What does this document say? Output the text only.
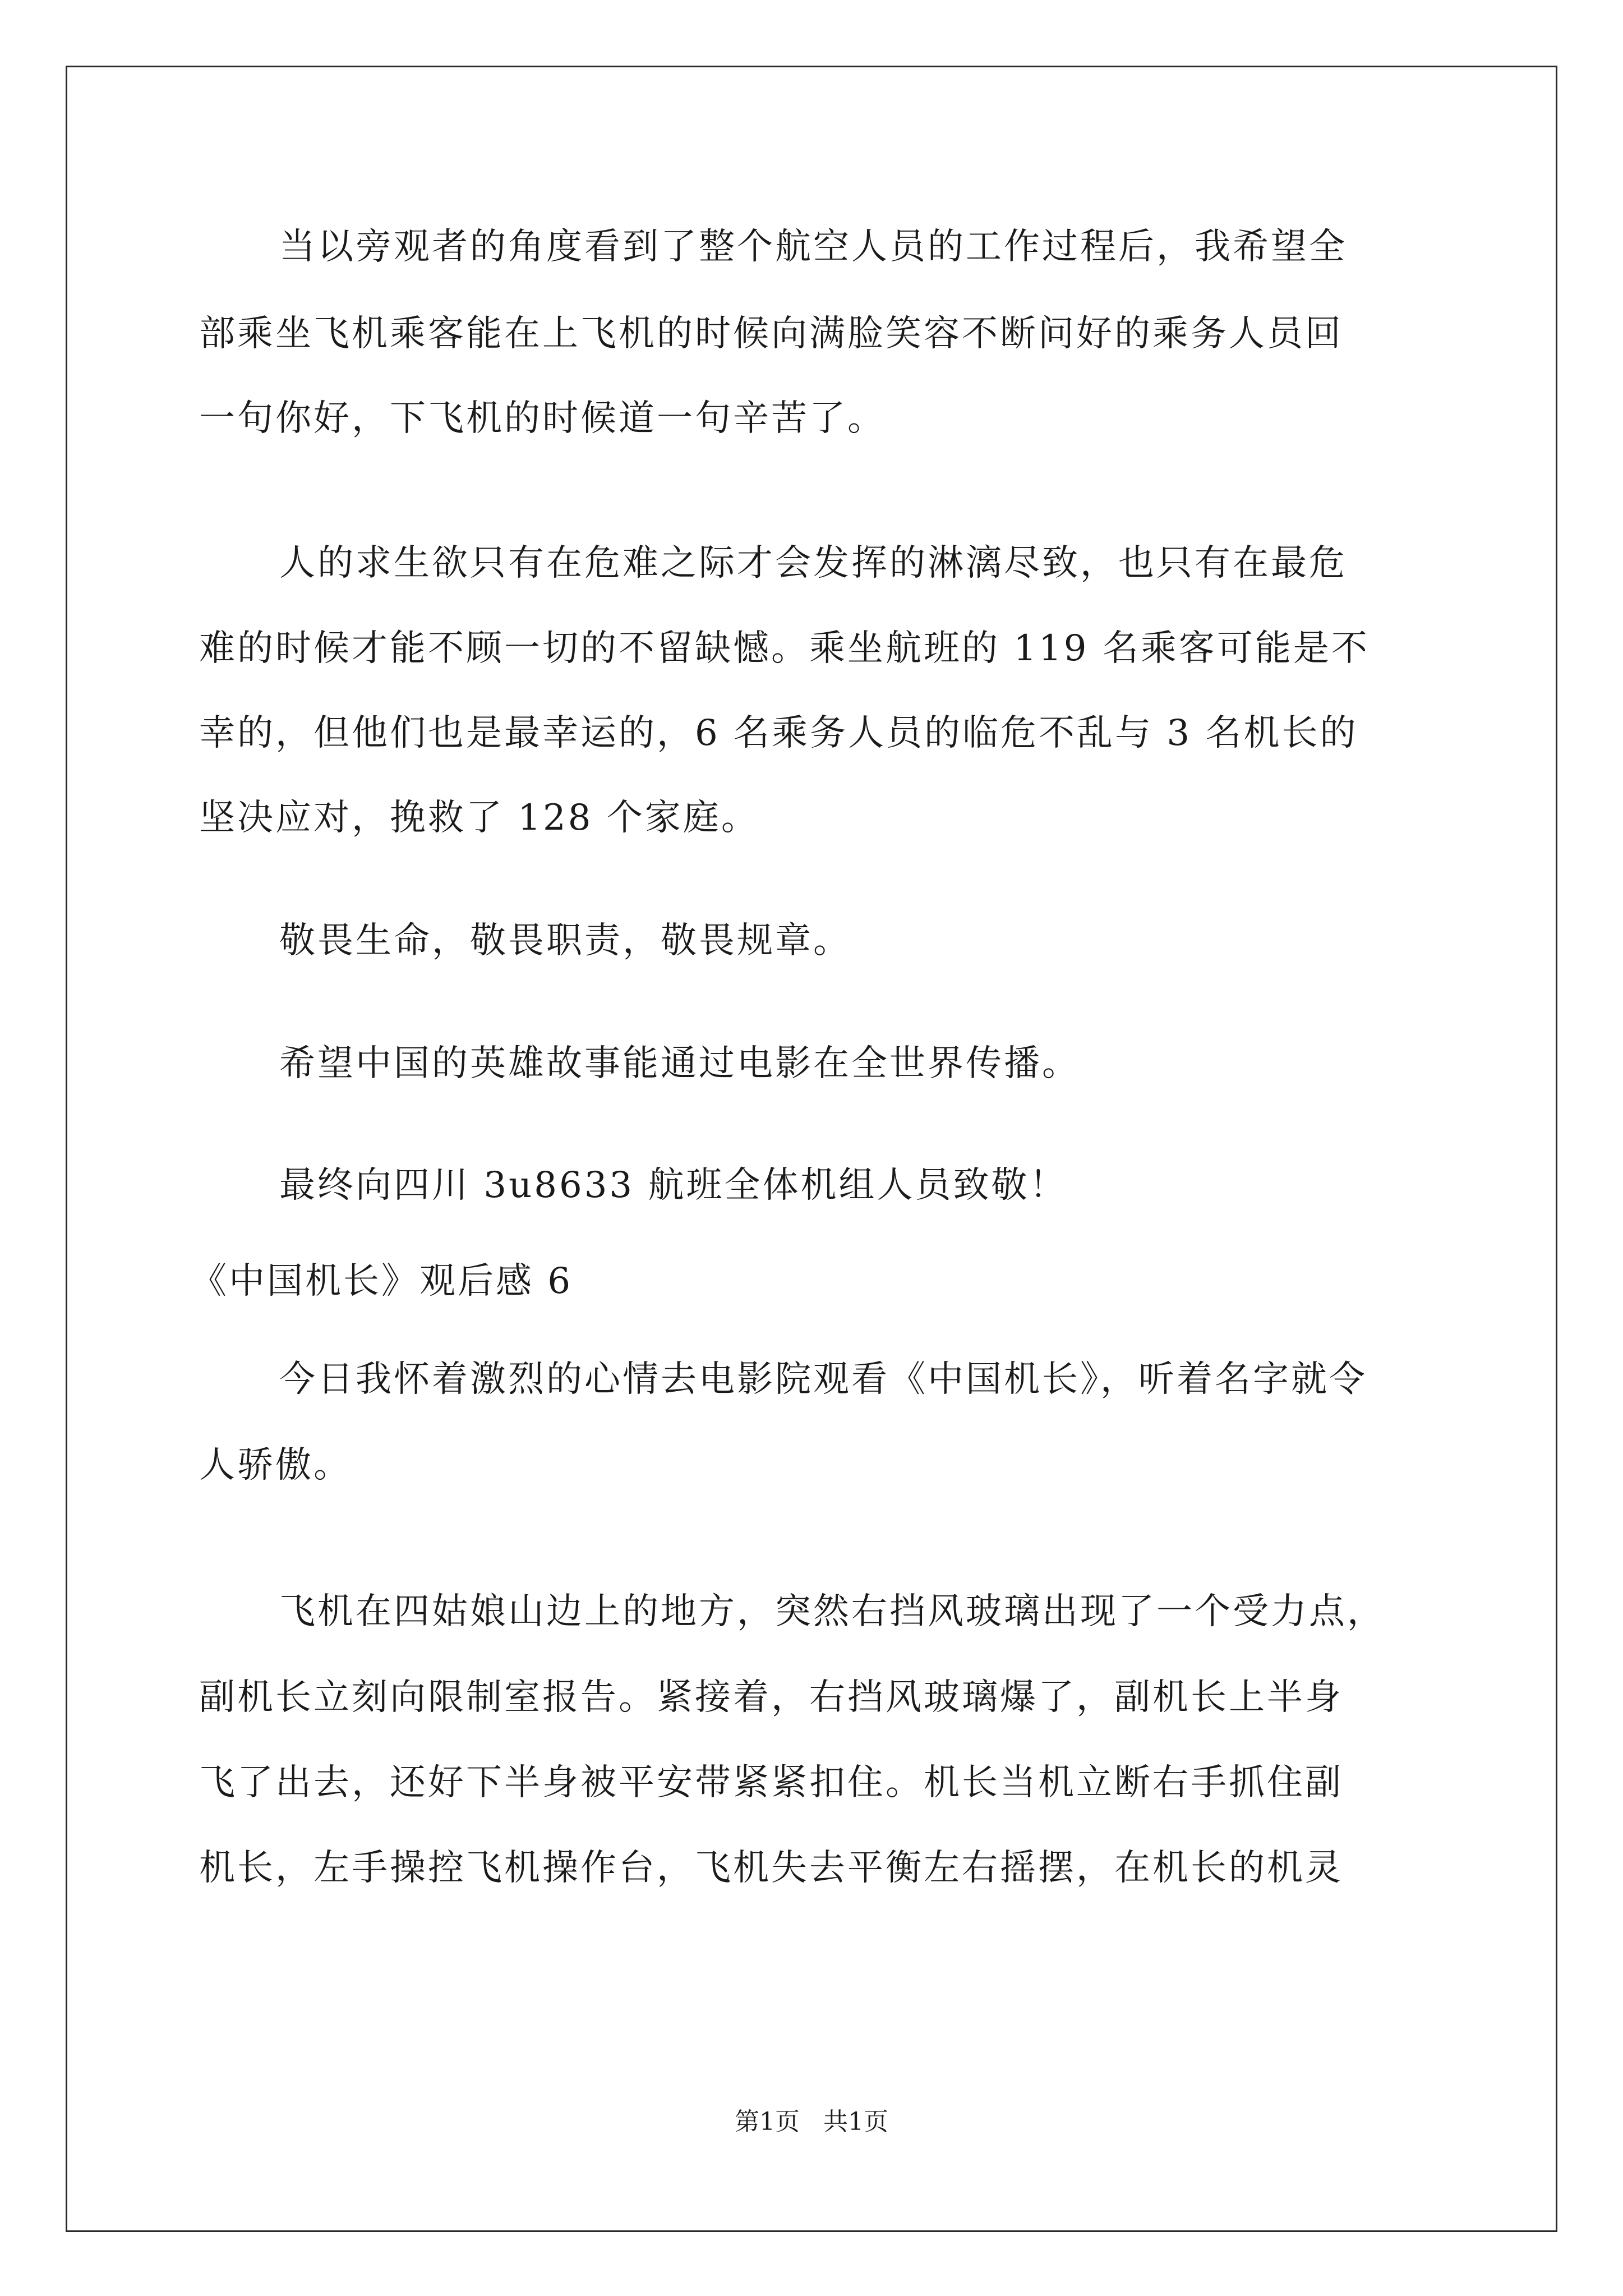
当以旁观者的角度看到了整个航空人员的工作过程后，我希望全
部乘坐飞机乘客能在上飞机的时候向满脸笑容不断问好的乘务人员回
一句你好，下飞机的时候道一句辛苦了。
人的求生欲只有在危难之际才会发挥的淋漓尽致，也只有在最危
难的时候才能不顾一切的不留缺憾。乘坐航班的 119 名乘客可能是不
幸的，但他们也是最幸运的，6 名乘务人员的临危不乱与 3 名机长的
坚决应对，挽救了 128 个家庭。
敬畏生命，敬畏职责，敬畏规章。
希望中国的英雄故事能通过电影在全世界传播。
最终向四川 3u8633 航班全体机组人员致敬！
《中国机长》观后感 6
今日我怀着激烈的心情去电影院观看《中国机长》，听着名字就令
人骄傲。
飞机在四姑娘山边上的地方，突然右挡风玻璃出现了一个受力点，
副机长立刻向限制室报告。紧接着，右挡风玻璃爆了，副机长上半身
飞了出去，还好下半身被平安带紧紧扣住。机长当机立断右手抓住副
机长，左手操控飞机操作台，飞机失去平衡左右摇摆，在机长的机灵
第1页   共1页
